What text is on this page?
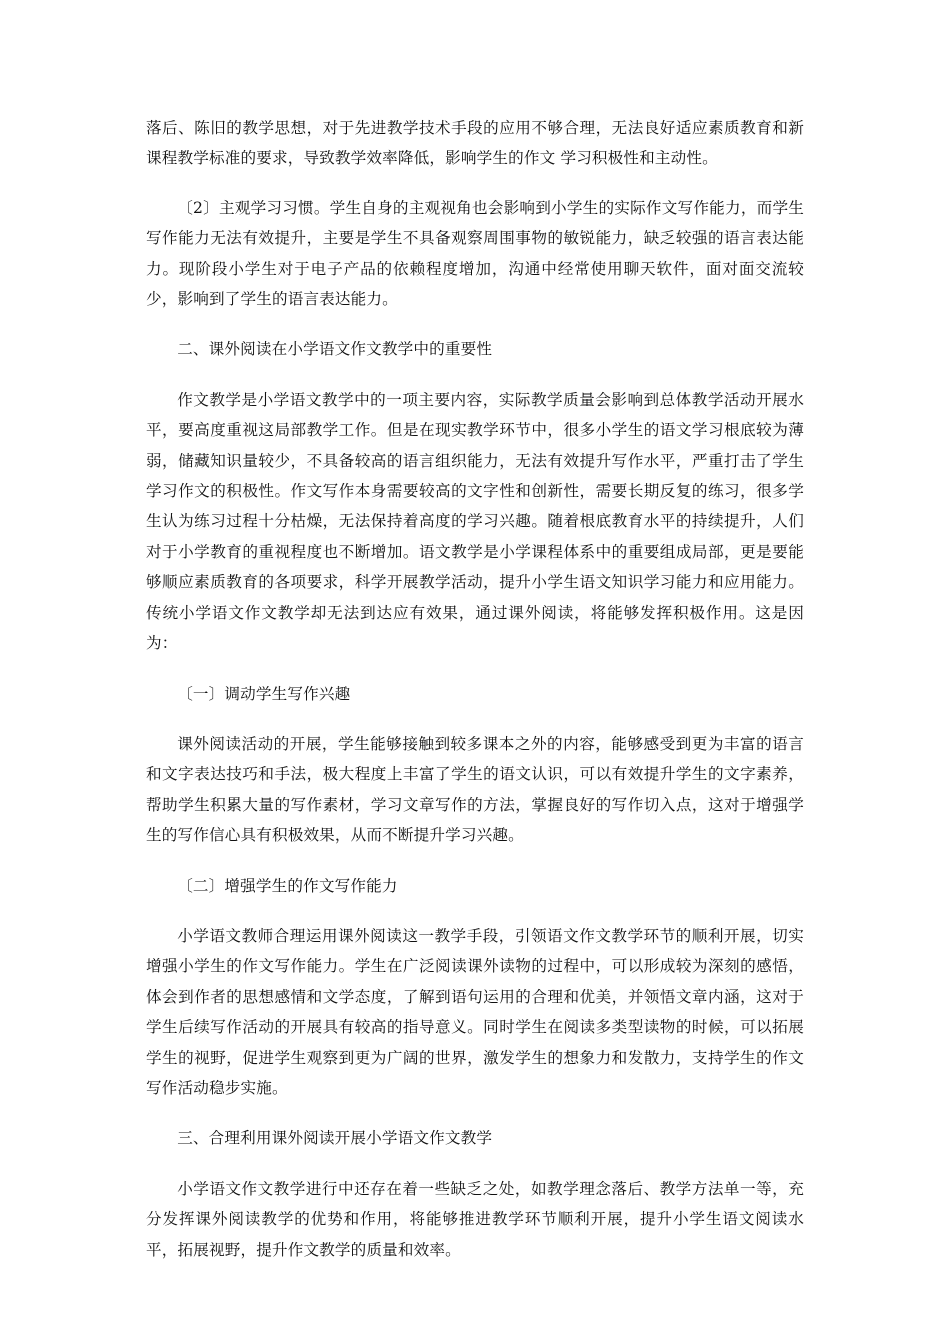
落后、陈旧的教学思想，对于先进教学技术手段的应用不够合理，无法良好适应素质教育和新课程教学标准的要求，导致教学效率降低，影响学生的作文 学习积极性和主动性。

〔2〕主观学习习惯。学生自身的主观视角也会影响到小学生的实际作文写作能力，而学生写作能力无法有效提升，主要是学生不具备观察周围事物的敏锐能力，缺乏较强的语言表达能力。现阶段小学生对于电子产品的依赖程度增加，沟通中经常使用聊天软件，面对面交流较少，影响到了学生的语言表达能力。

二、课外阅读在小学语文作文教学中的重要性

作文教学是小学语文教学中的一项主要内容，实际教学质量会影响到总体教学活动开展水平，要高度重视这局部教学工作。但是在现实教学环节中，很多小学生的语文学习根底较为薄弱，储藏知识量较少，不具备较高的语言组织能力，无法有效提升写作水平，严重打击了学生学习作文的积极性。作文写作本身需要较高的文字性和创新性，需要长期反复的练习，很多学生认为练习过程十分枯燥，无法保持着高度的学习兴趣。随着根底教育水平的持续提升，人们对于小学教育的重视程度也不断增加。语文教学是小学课程体系中的重要组成局部，更是要能够顺应素质教育的各项要求，科学开展教学活动，提升小学生语文知识学习能力和应用能力。传统小学语文作文教学却无法到达应有效果，通过课外阅读，将能够发挥积极作用。这是因为：

〔一〕调动学生写作兴趣

课外阅读活动的开展，学生能够接触到较多课本之外的内容，能够感受到更为丰富的语言和文字表达技巧和手法，极大程度上丰富了学生的语文认识，可以有效提升学生的文字素养，帮助学生积累大量的写作素材，学习文章写作的方法，掌握良好的写作切入点，这对于增强学生的写作信心具有积极效果，从而不断提升学习兴趣。

〔二〕增强学生的作文写作能力

小学语文教师合理运用课外阅读这一教学手段，引领语文作文教学环节的顺利开展，切实增强小学生的作文写作能力。学生在广泛阅读课外读物的过程中，可以形成较为深刻的感悟，体会到作者的思想感情和文学态度，了解到语句运用的合理和优美，并领悟文章内涵，这对于学生后续写作活动的开展具有较高的指导意义。同时学生在阅读多类型读物的时候，可以拓展学生的视野，促进学生观察到更为广阔的世界，激发学生的想象力和发散力，支持学生的作文写作活动稳步实施。

三、合理利用课外阅读开展小学语文作文教学

小学语文作文教学进行中还存在着一些缺乏之处，如教学理念落后、教学方法单一等，充分发挥课外阅读教学的优势和作用，将能够推进教学环节顺利开展，提升小学生语文阅读水平，拓展视野，提升作文教学的质量和效率。
